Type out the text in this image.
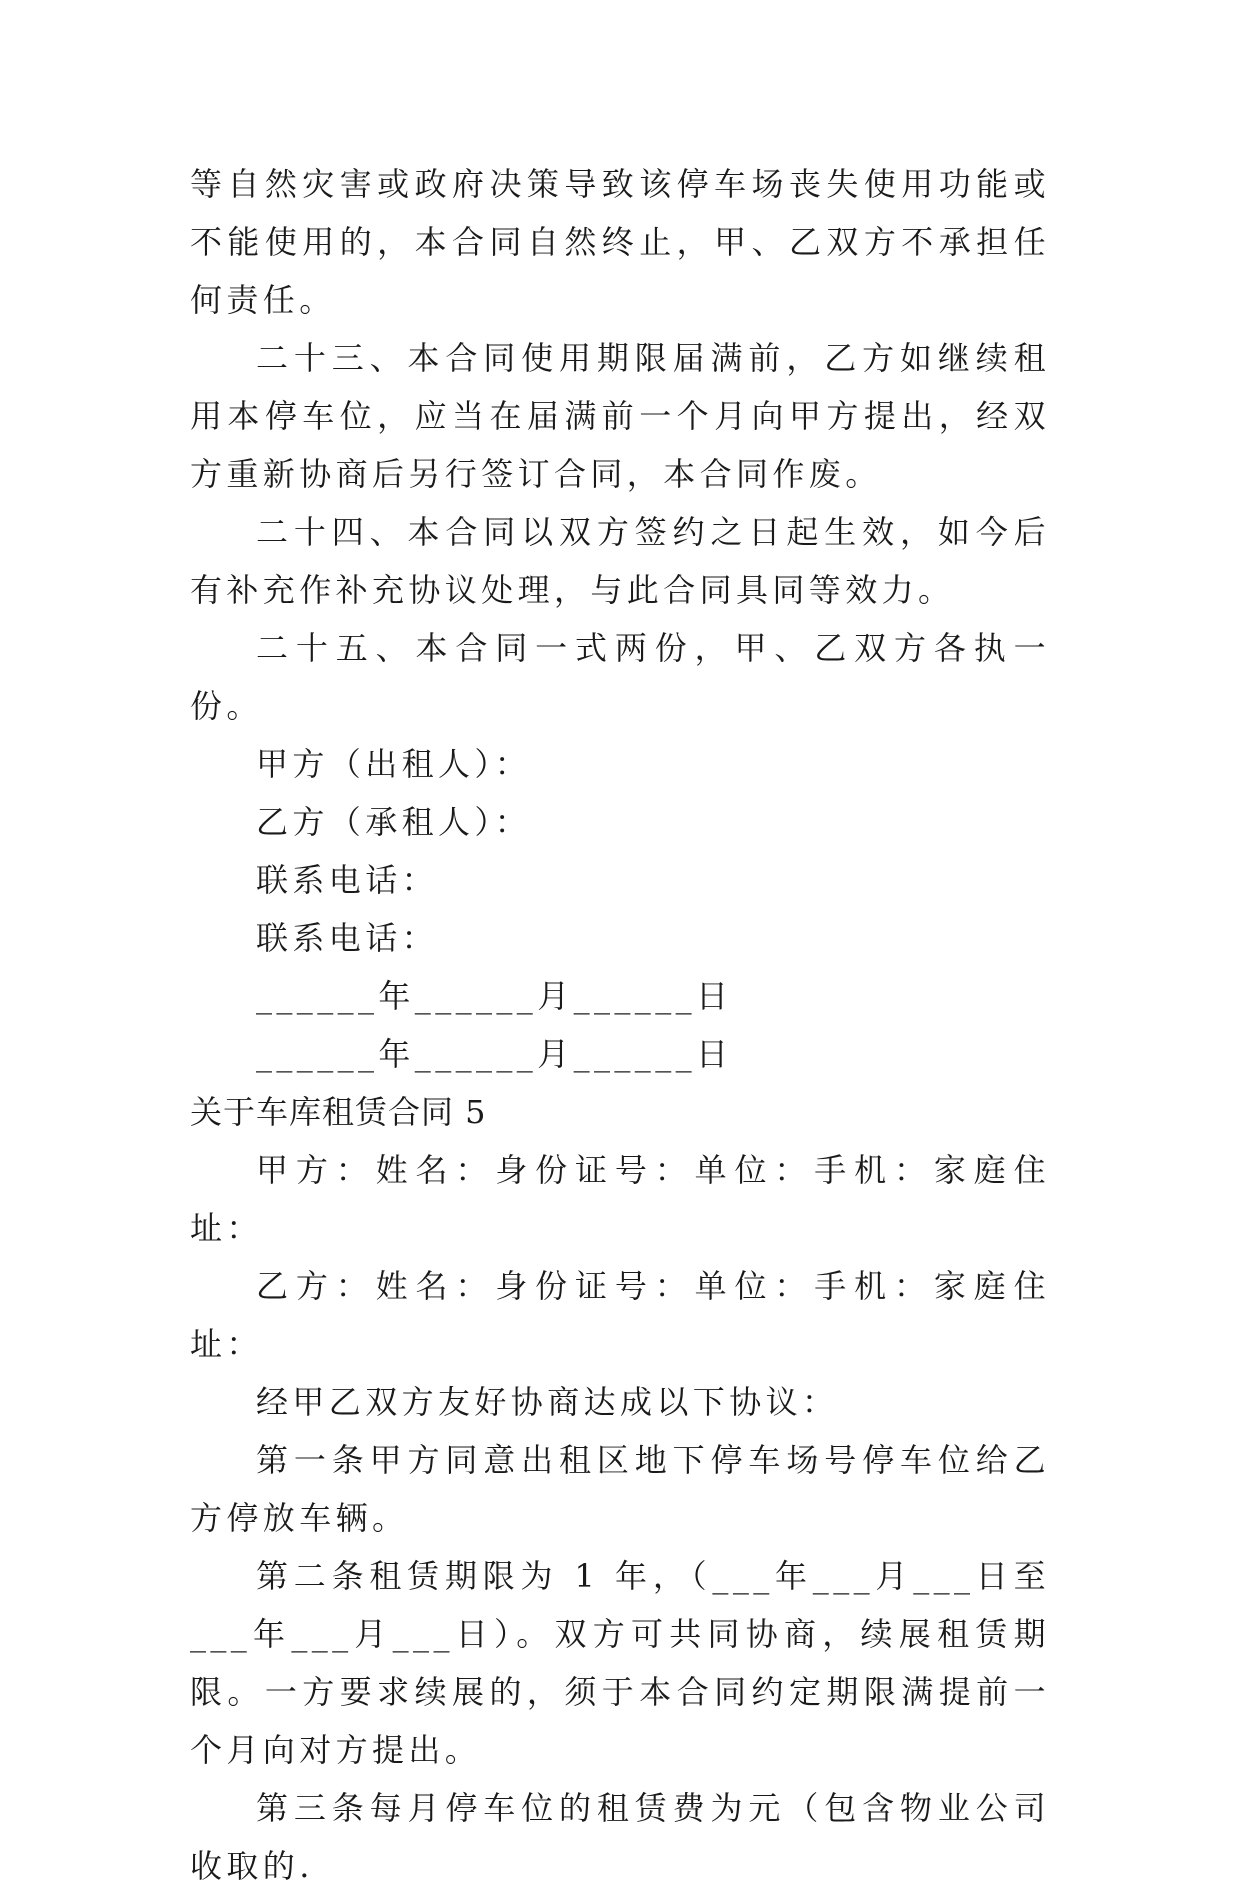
等自然灾害或政府决策导致该停车场丧失使用功能或不能使用的，本合同自然终止，甲、乙双方不承担任何责任。

二十三、本合同使用期限届满前，乙方如继续租用本停车位，应当在届满前一个月向甲方提出，经双方重新协商后另行签订合同，本合同作废。

二十四、本合同以双方签约之日起生效，如今后有补充作补充协议处理，与此合同具同等效力。

二十五、本合同一式两份，甲、乙双方各执一份。

甲方（出租人）：

乙方（承租人）：

联系电话：

联系电话：

______年______月______日

______年______月______日

关于车库租赁合同 5

甲方：姓名：身份证号：单位：手机：家庭住址：

乙方：姓名：身份证号：单位：手机：家庭住址：

经甲乙双方友好协商达成以下协议：

第一条甲方同意出租区地下停车场号停车位给乙方停放车辆。

第二条租赁期限为 1 年，（___年___月___日至___年___月___日）。双方可共同协商，续展租赁期限。一方要求续展的，须于本合同约定期限满提前一个月向对方提出。

第三条每月停车位的租赁费为元（包含物业公司收取的.
